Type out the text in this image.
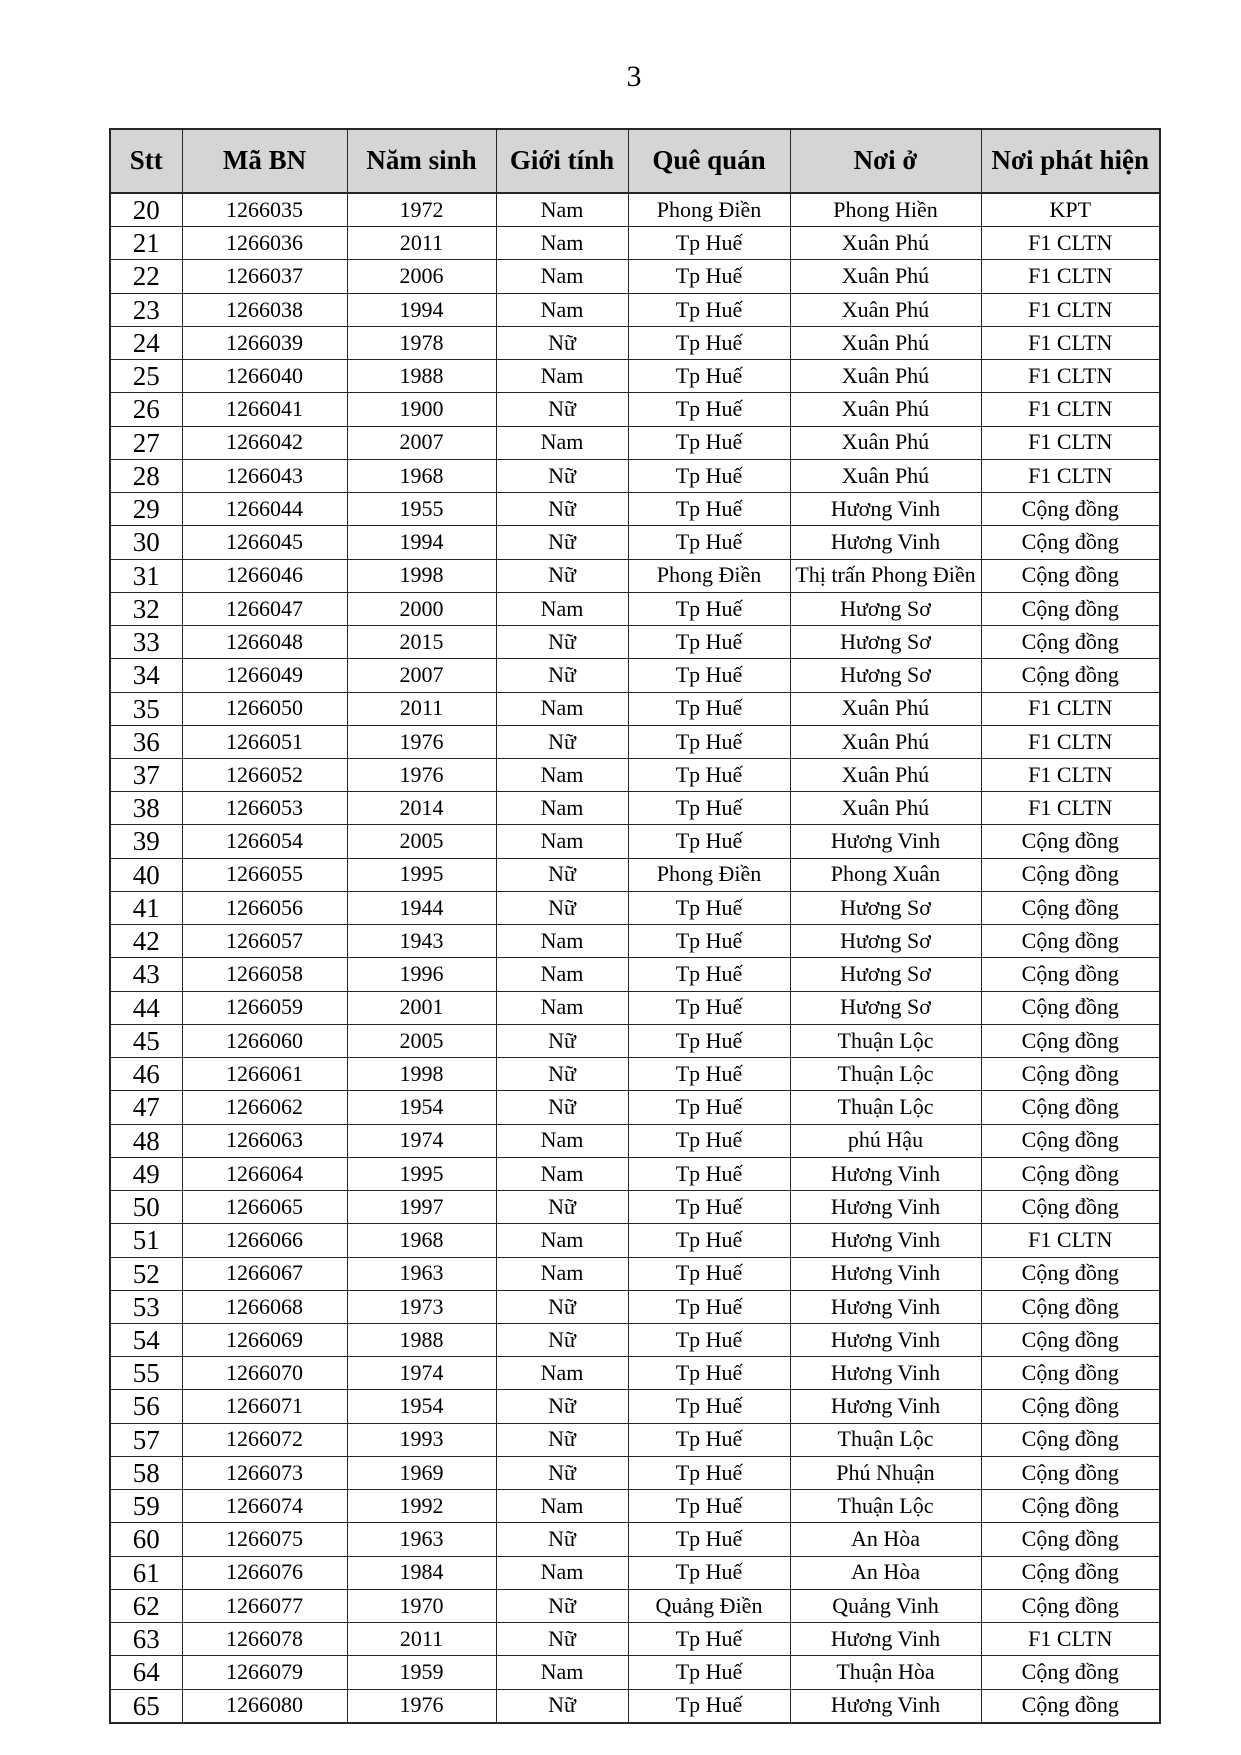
3
Stt	Mã BN	Năm sinh	Giới tính	Quê quán	Nơi ở	Nơi phát hiện
20	1266035	1972	Nam	Phong Điền	Phong Hiền	KPT
21	1266036	2011	Nam	Tp Huế	Xuân Phú	F1 CLTN
22	1266037	2006	Nam	Tp Huế	Xuân Phú	F1 CLTN
23	1266038	1994	Nam	Tp Huế	Xuân Phú	F1 CLTN
24	1266039	1978	Nữ	Tp Huế	Xuân Phú	F1 CLTN
25	1266040	1988	Nam	Tp Huế	Xuân Phú	F1 CLTN
26	1266041	1900	Nữ	Tp Huế	Xuân Phú	F1 CLTN
27	1266042	2007	Nam	Tp Huế	Xuân Phú	F1 CLTN
28	1266043	1968	Nữ	Tp Huế	Xuân Phú	F1 CLTN
29	1266044	1955	Nữ	Tp Huế	Hương Vinh	Cộng đồng
30	1266045	1994	Nữ	Tp Huế	Hương Vinh	Cộng đồng
31	1266046	1998	Nữ	Phong Điền	Thị trấn Phong Điền	Cộng đồng
32	1266047	2000	Nam	Tp Huế	Hương Sơ	Cộng đồng
33	1266048	2015	Nữ	Tp Huế	Hương Sơ	Cộng đồng
34	1266049	2007	Nữ	Tp Huế	Hương Sơ	Cộng đồng
35	1266050	2011	Nam	Tp Huế	Xuân Phú	F1 CLTN
36	1266051	1976	Nữ	Tp Huế	Xuân Phú	F1 CLTN
37	1266052	1976	Nam	Tp Huế	Xuân Phú	F1 CLTN
38	1266053	2014	Nam	Tp Huế	Xuân Phú	F1 CLTN
39	1266054	2005	Nam	Tp Huế	Hương Vinh	Cộng đồng
40	1266055	1995	Nữ	Phong Điền	Phong Xuân	Cộng đồng
41	1266056	1944	Nữ	Tp Huế	Hương Sơ	Cộng đồng
42	1266057	1943	Nam	Tp Huế	Hương Sơ	Cộng đồng
43	1266058	1996	Nam	Tp Huế	Hương Sơ	Cộng đồng
44	1266059	2001	Nam	Tp Huế	Hương Sơ	Cộng đồng
45	1266060	2005	Nữ	Tp Huế	Thuận Lộc	Cộng đồng
46	1266061	1998	Nữ	Tp Huế	Thuận Lộc	Cộng đồng
47	1266062	1954	Nữ	Tp Huế	Thuận Lộc	Cộng đồng
48	1266063	1974	Nam	Tp Huế	phú Hậu	Cộng đồng
49	1266064	1995	Nam	Tp Huế	Hương Vinh	Cộng đồng
50	1266065	1997	Nữ	Tp Huế	Hương Vinh	Cộng đồng
51	1266066	1968	Nam	Tp Huế	Hương Vinh	F1 CLTN
52	1266067	1963	Nam	Tp Huế	Hương Vinh	Cộng đồng
53	1266068	1973	Nữ	Tp Huế	Hương Vinh	Cộng đồng
54	1266069	1988	Nữ	Tp Huế	Hương Vinh	Cộng đồng
55	1266070	1974	Nam	Tp Huế	Hương Vinh	Cộng đồng
56	1266071	1954	Nữ	Tp Huế	Hương Vinh	Cộng đồng
57	1266072	1993	Nữ	Tp Huế	Thuận Lộc	Cộng đồng
58	1266073	1969	Nữ	Tp Huế	Phú Nhuận	Cộng đồng
59	1266074	1992	Nam	Tp Huế	Thuận Lộc	Cộng đồng
60	1266075	1963	Nữ	Tp Huế	An Hòa	Cộng đồng
61	1266076	1984	Nam	Tp Huế	An Hòa	Cộng đồng
62	1266077	1970	Nữ	Quảng Điền	Quảng Vinh	Cộng đồng
63	1266078	2011	Nữ	Tp Huế	Hương Vinh	F1 CLTN
64	1266079	1959	Nam	Tp Huế	Thuận Hòa	Cộng đồng
65	1266080	1976	Nữ	Tp Huế	Hương Vinh	Cộng đồng
